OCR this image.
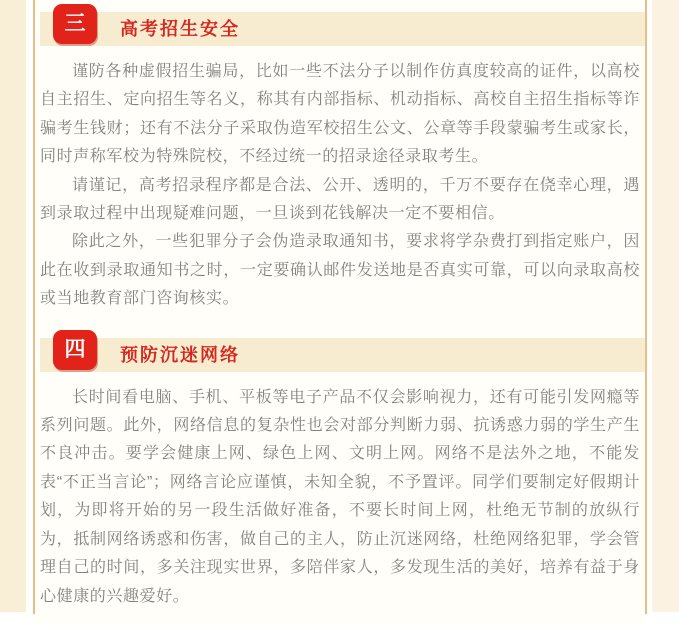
三	高考招生安全

谨防各种虚假招生骗局，比如一些不法分子以制作仿真度较高的证件，以高校自主招生、定向招生等名义，称其有内部指标、机动指标、高校自主招生指标等诈骗考生钱财；还有不法分子采取伪造军校招生公文、公章等手段蒙骗考生或家长，同时声称军校为特殊院校，不经过统一的招录途径录取考生。

请谨记，高考招录程序都是合法、公开、透明的，千万不要存在侥幸心理，遇到录取过程中出现疑难问题，一旦谈到花钱解决一定不要相信。

除此之外，一些犯罪分子会伪造录取通知书，要求将学杂费打到指定账户，因此在收到录取通知书之时，一定要确认邮件发送地是否真实可靠，可以向录取高校或当地教育部门咨询核实。

四	预防沉迷网络

长时间看电脑、手机、平板等电子产品不仅会影响视力，还有可能引发网瘾等系列问题。此外，网络信息的复杂性也会对部分判断力弱、抗诱惑力弱的学生产生不良冲击。要学会健康上网、绿色上网、文明上网。网络不是法外之地，不能发表“不正当言论”；网络言论应谨慎，未知全貌，不予置评。同学们要制定好假期计划，为即将开始的另一段生活做好准备，不要长时间上网，杜绝无节制的放纵行为，抵制网络诱惑和伤害，做自己的主人，防止沉迷网络，杜绝网络犯罪，学会管理自己的时间，多关注现实世界，多陪伴家人，多发现生活的美好，培养有益于身心健康的兴趣爱好。
